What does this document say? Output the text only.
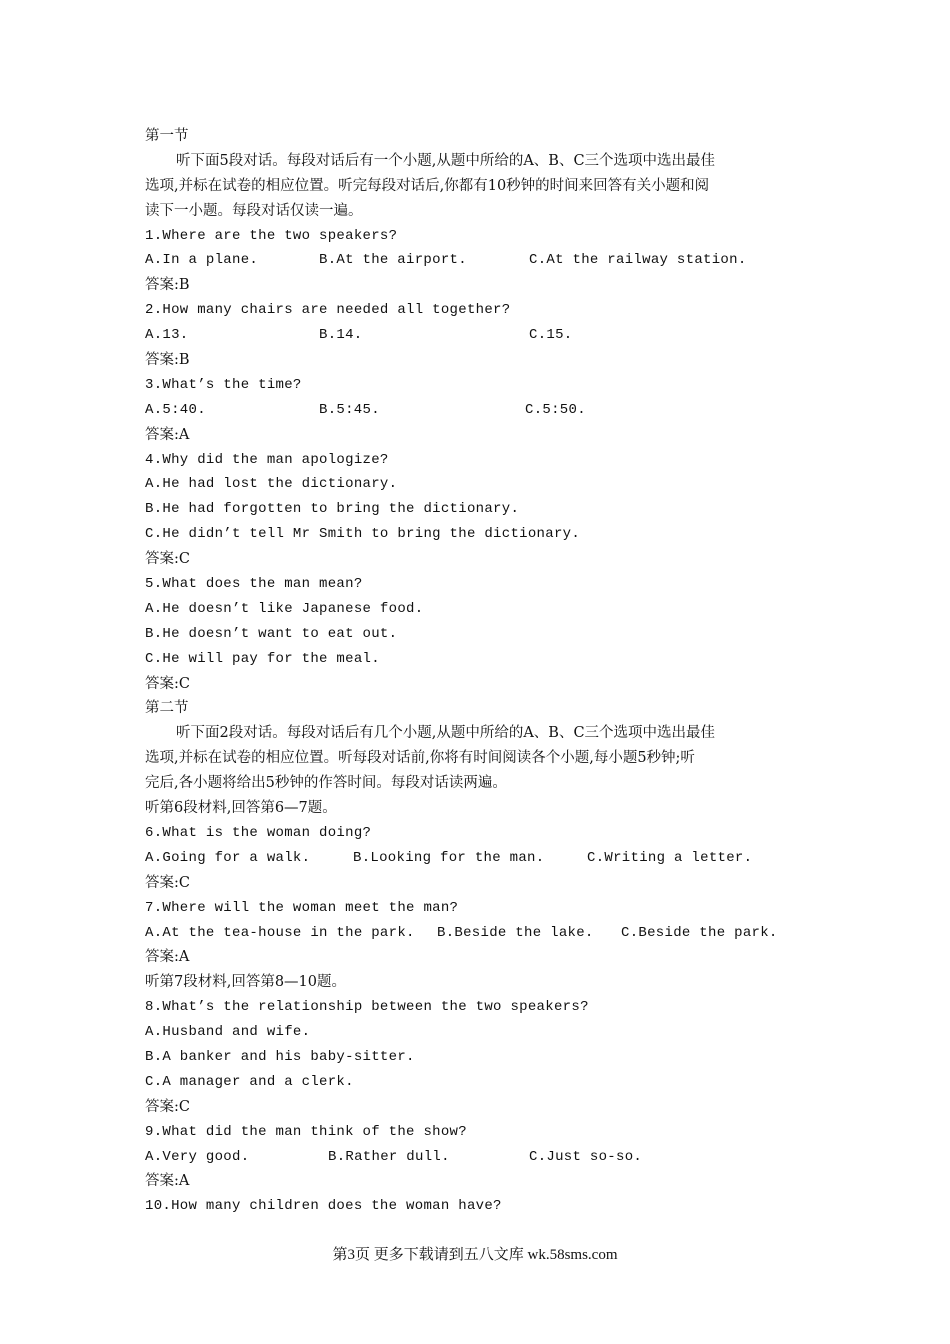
第一节
听下面5段对话。每段对话后有一个小题,从题中所给的A、B、C三个选项中选出最佳
选项,并标在试卷的相应位置。听完每段对话后,你都有10秒钟的时间来回答有关小题和阅
读下一小题。每段对话仅读一遍。
1.Where are the two speakers?
A.In a plane.	B.At the airport.	C.At the railway station.
答案:B
2.How many chairs are needed all together?
A.13.	B.14.	C.15.
答案:B
3.What’s the time?
A.5:40.	B.5:45.	C.5:50.
答案:A
4.Why did the man apologize?
A.He had lost the dictionary.
B.He had forgotten to bring the dictionary.
C.He didn’t tell Mr Smith to bring the dictionary.
答案:C
5.What does the man mean?
A.He doesn’t like Japanese food.
B.He doesn’t want to eat out.
C.He will pay for the meal.
答案:C
第二节
听下面2段对话。每段对话后有几个小题,从题中所给的A、B、C三个选项中选出最佳
选项,并标在试卷的相应位置。听每段对话前,你将有时间阅读各个小题,每小题5秒钟;听
完后,各小题将给出5秒钟的作答时间。每段对话读两遍。
听第6段材料,回答第6—7题。
6.What is the woman doing?
A.Going for a walk.	B.Looking for the man.	C.Writing a letter.
答案:C
7.Where will the woman meet the man?
A.At the tea-house in the park.	B.Beside the lake.	C.Beside the park.
答案:A
听第7段材料,回答第8—10题。
8.What’s the relationship between the two speakers?
A.Husband and wife.
B.A banker and his baby-sitter.
C.A manager and a clerk.
答案:C
9.What did the man think of the show?
A.Very good.	B.Rather dull.	C.Just so-so.
答案:A
10.How many children does the woman have?
第3页 更多下载请到五八文库 wk.58sms.com
